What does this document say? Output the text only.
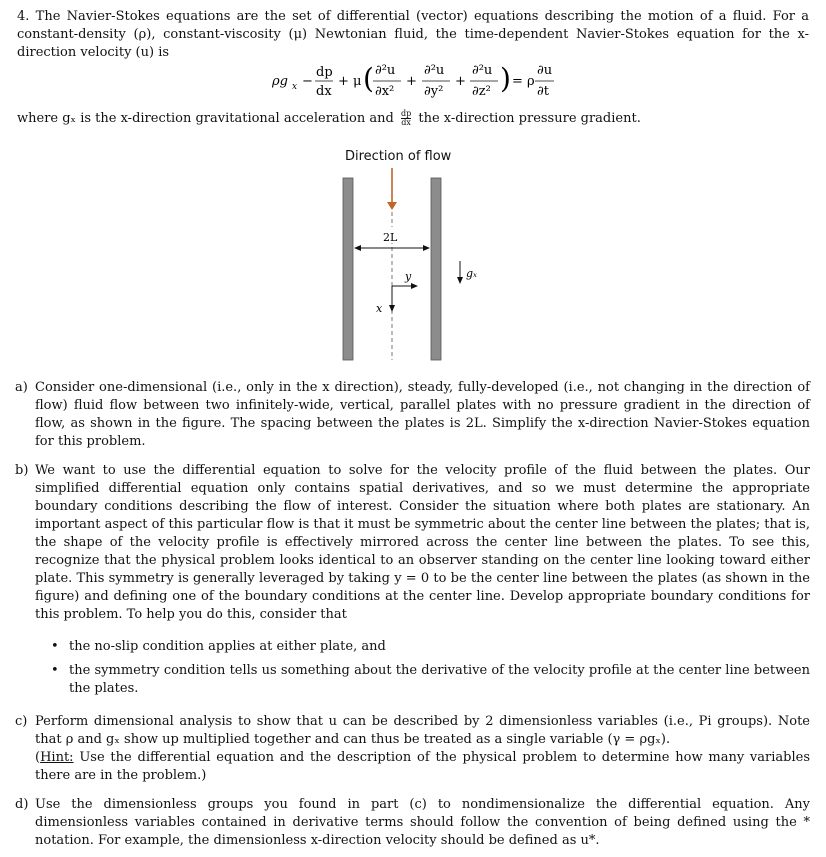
4. The Navier-Stokes equations are the set of differential (vector) equations describing the motion of a fluid. For a constant-density (ρ), constant-viscosity (μ) Newtonian fluid, the time-dependent Navier-Stokes equation for the x-direction velocity (u) is
ρg x −
dp
dx
+ μ ( ∂²u
∂x²
+
∂²u
∂y²
+
∂²u
∂z² ) = ρ
∂u
∂t
where gₓ is the x-direction gravitational acceleration and $\frac{dp}{dx}$ the x-direction pressure gradient.
Direction of flow
2L
y
x
gₓ
a) Consider one-dimensional (i.e., only in the x direction), steady, fully-developed (i.e., not changing in the direction of flow) fluid flow between two infinitely-wide, vertical, parallel plates with no pressure gradient in the direction of flow, as shown in the figure. The spacing between the plates is 2L. Simplify the x-direction Navier-Stokes equation for this problem.
b) We want to use the differential equation to solve for the velocity profile of the fluid between the plates. Our simplified differential equation only contains spatial derivatives, and so we must determine the appropriate boundary conditions describing the flow of interest. Consider the situation where both plates are stationary. An important aspect of this particular flow is that it must be symmetric about the center line between the plates; that is, the shape of the velocity profile is effectively mirrored across the center line between the plates. To see this, recognize that the physical problem looks identical to an observer standing on the center line looking toward either plate. This symmetry is generally leveraged by taking y = 0 to be the center line between the plates (as shown in the figure) and defining one of the boundary conditions at the center line. Develop appropriate boundary conditions for this problem. To help you do this, consider that
• the no-slip condition applies at either plate, and
• the symmetry condition tells us something about the derivative of the velocity profile at the center line between the plates.
c) Perform dimensional analysis to show that u can be described by 2 dimensionless variables (i.e., Pi groups). Note that ρ and gₓ show up multiplied together and can thus be treated as a single variable (γ = ρgₓ).
(Hint: Use the differential equation and the description of the physical problem to determine how many variables there are in the problem.)
d) Use the dimensionless groups you found in part (c) to nondimensionalize the differential equation. Any dimensionless variables contained in derivative terms should follow the convention of being defined using the * notation. For example, the dimensionless x-direction velocity should be defined as u*.
